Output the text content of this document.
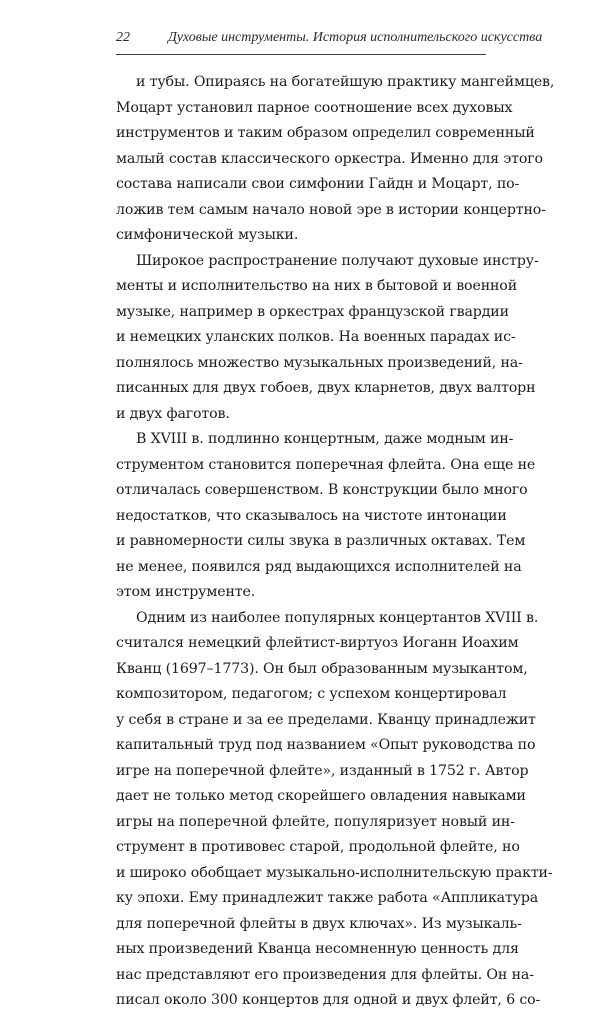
22	Духовые инструменты. История исполнительского искусства
и тубы. Опираясь на богатейшую практику мангеймцев,
Моцарт установил парное соотношение всех духовых
инструментов и таким образом определил современный
малый состав классического оркестра. Именно для этого
состава написали свои симфонии Гайдн и Моцарт, по-
ложив тем самым начало новой эре в истории концертно-
симфонической музыки.
Широкое распространение получают духовые инстру-
менты и исполнительство на них в бытовой и военной
музыке, например в оркестрах французской гвардии
и немецких уланских полков. На военных парадах ис-
полнялось множество музыкальных произведений, на-
писанных для двух гобоев, двух кларнетов, двух валторн
и двух фаготов.
В XVIII в. подлинно концертным, даже модным ин-
струментом становится поперечная флейта. Она еще не
отличалась совершенством. В конструкции было много
недостатков, что сказывалось на чистоте интонации
и равномерности силы звука в различных октавах. Тем
не менее, появился ряд выдающихся исполнителей на
этом инструменте.
Одним из наиболее популярных концертантов XVIII в.
считался немецкий флейтист-виртуоз Иоганн Иоахим
Кванц (1697–1773). Он был образованным музыкантом,
композитором, педагогом; с успехом концертировал
у себя в стране и за ее пределами. Кванцу принадлежит
капитальный труд под названием «Опыт руководства по
игре на поперечной флейте», изданный в 1752 г. Автор
дает не только метод скорейшего овладения навыками
игры на поперечной флейте, популяризует новый ин-
струмент в противовес старой, продольной флейте, но
и широко обобщает музыкально-исполнительскую практи-
ку эпохи. Ему принадлежит также работа «Аппликатура
для поперечной флейты в двух ключах». Из музыкаль-
ных произведений Кванца несомненную ценность для
нас представляют его произведения для флейты. Он на-
писал около 300 концертов для одной и двух флейт, 6 со-
